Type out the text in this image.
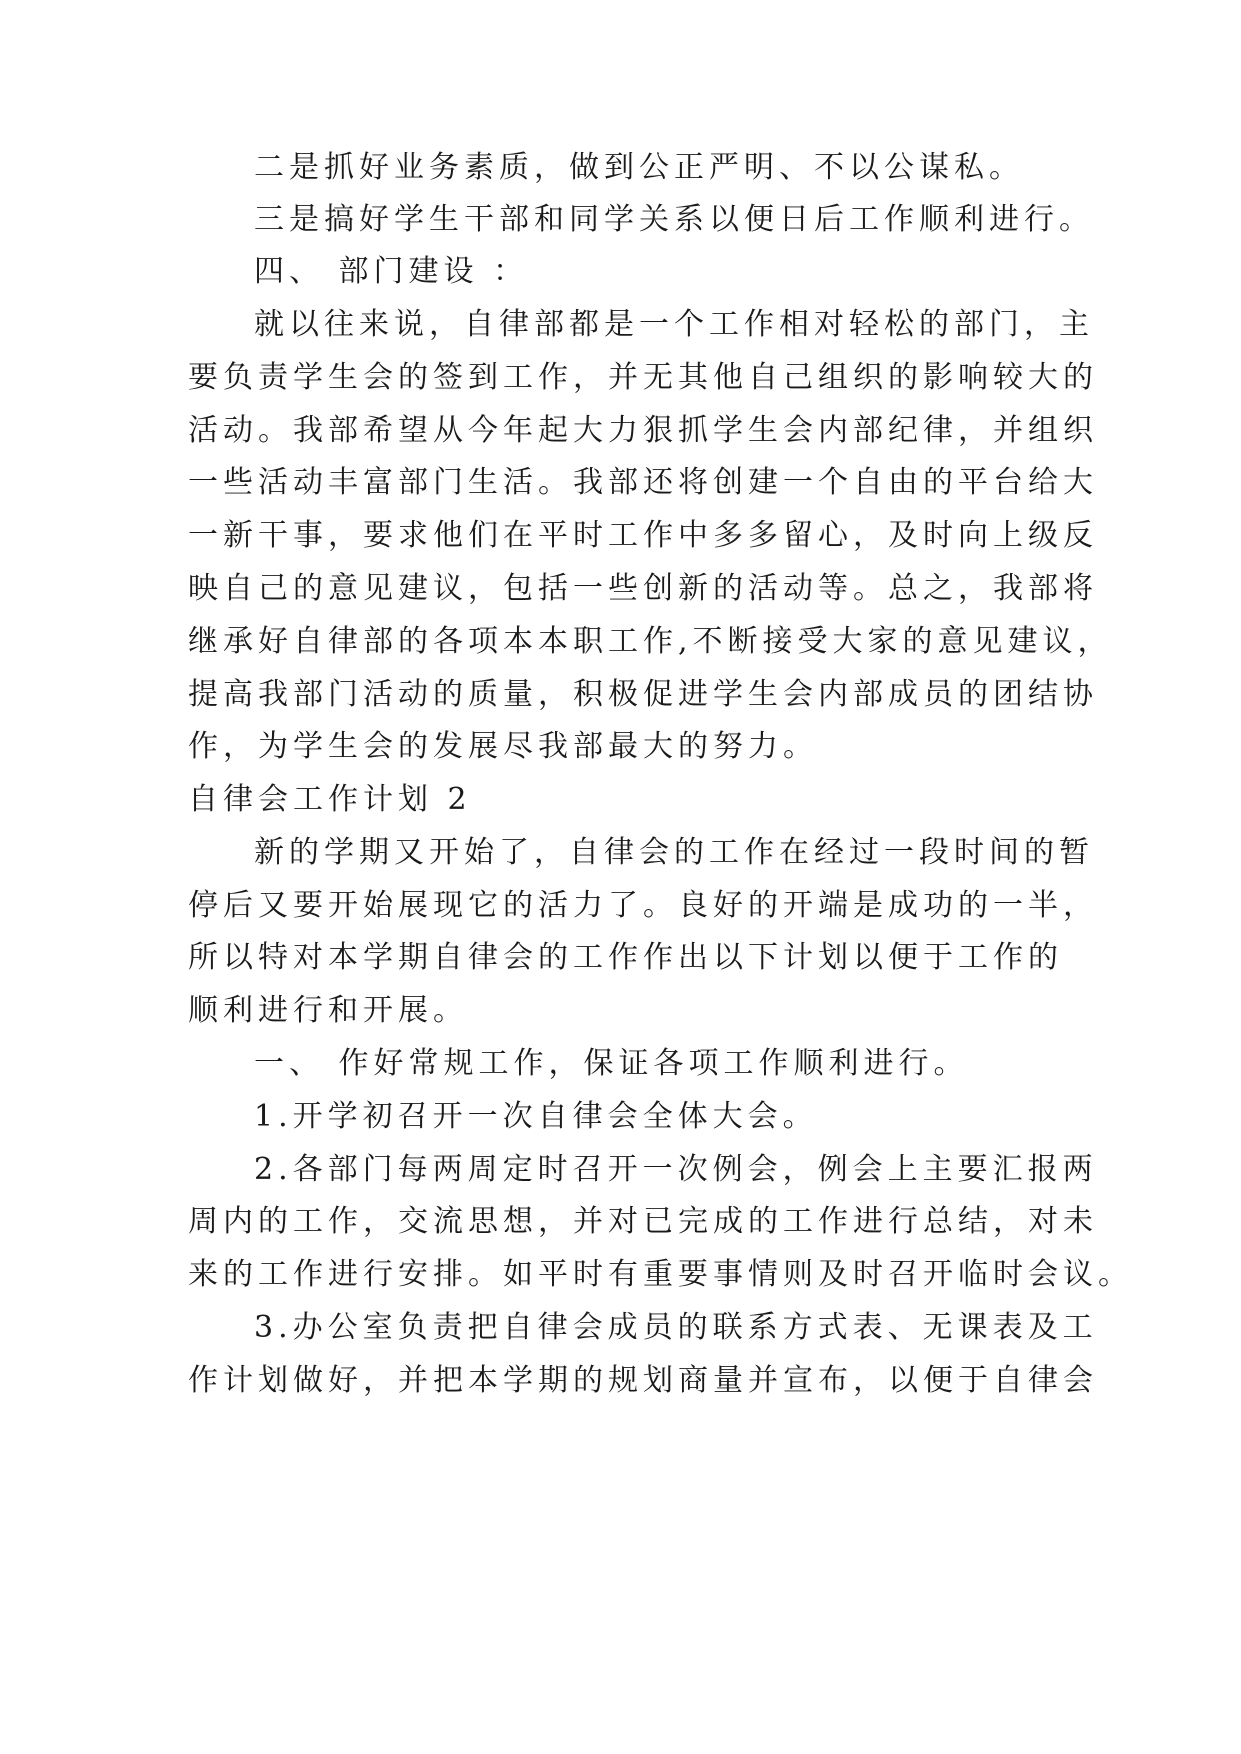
二是抓好业务素质，做到公正严明、不以公谋私。

三是搞好学生干部和同学关系以便日后工作顺利进行。

四、 部门建设 ：

就以往来说，自律部都是一个工作相对轻松的部门，主

要负责学生会的签到工作，并无其他自己组织的影响较大的

活动。我部希望从今年起大力狠抓学生会内部纪律，并组织

一些活动丰富部门生活。我部还将创建一个自由的平台给大

一新干事，要求他们在平时工作中多多留心，及时向上级反

映自己的意见建议，包括一些创新的活动等。总之，我部将

继承好自律部的各项本本职工作,不断接受大家的意见建议，

提高我部门活动的质量，积极促进学生会内部成员的团结协

作，为学生会的发展尽我部最大的努力。

自律会工作计划 2

新的学期又开始了，自律会的工作在经过一段时间的暂

停后又要开始展现它的活力了。良好的开端是成功的一半，

所以特对本学期自律会的工作作出以下计划以便于工作的

顺利进行和开展。

一、 作好常规工作，保证各项工作顺利进行。

1.开学初召开一次自律会全体大会。

2.各部门每两周定时召开一次例会，例会上主要汇报两

周内的工作，交流思想，并对已完成的工作进行总结，对未

来的工作进行安排。如平时有重要事情则及时召开临时会议。

3.办公室负责把自律会成员的联系方式表、无课表及工

作计划做好，并把本学期的规划商量并宣布，以便于自律会
